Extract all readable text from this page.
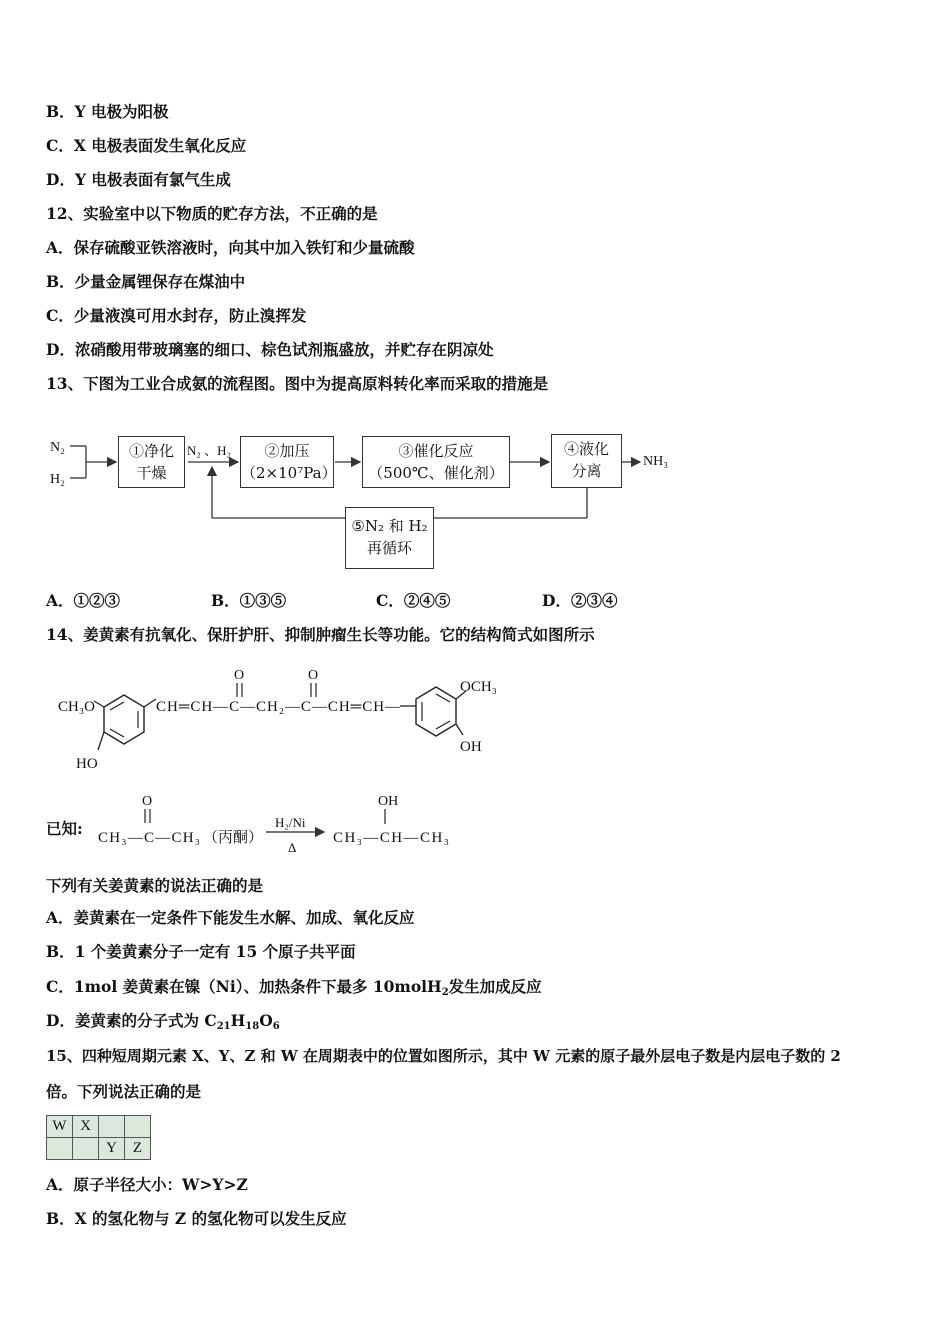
B．Y 电极为阳极
C．X 电极表面发生氧化反应
D．Y 电极表面有氯气生成
12、实验室中以下物质的贮存方法，不正确的是
A．保存硫酸亚铁溶液时，向其中加入铁钉和少量硫酸
B．少量金属锂保存在煤油中
C．少量液溴可用水封存，防止溴挥发
D．浓硝酸用带玻璃塞的细口、棕色试剂瓶盛放，并贮存在阴凉处
13、下图为工业合成氨的流程图。图中为提高原料转化率而采取的措施是
N₂
H₂
N₂ 、H₂
NH₃
①净化
干燥
②加压
（2×10⁷Pa）
③催化反应
（500℃、催化剂）
④液化
分离
⑤N₂ 和 H₂
再循环
A．①②③	B．①③⑤	C．②④⑤	D．②③④
14、姜黄素有抗氧化、保肝护肝、抑制肿瘤生长等功能。它的结构简式如图所示
CH₃O
HO
CH═CH—C—CH₂—C—CH═CH—
O	O
OCH₃
OH
已知:
O
CH₃—C—CH₃ （丙酮）
H₂/Ni
Δ
OH
CH₃—CH—CH₃
下列有关姜黄素的说法正确的是
A．姜黄素在一定条件下能发生水解、加成、氧化反应
B．1 个姜黄素分子一定有 15 个原子共平面
C．1mol 姜黄素在镍（Ni）、加热条件下最多 10molH$_2$发生加成反应
D．姜黄素的分子式为 $C_{21}H_{18}O_6$
15、四种短周期元素 X、Y、Z 和 W 在周期表中的位置如图所示，其中 W 元素的原子最外层电子数是内层电子数的 2
倍。下列说法正确的是
W	X		
		Y	Z
A．原子半径大小：W>Y>Z
B．X 的氢化物与 Z 的氢化物可以发生反应
